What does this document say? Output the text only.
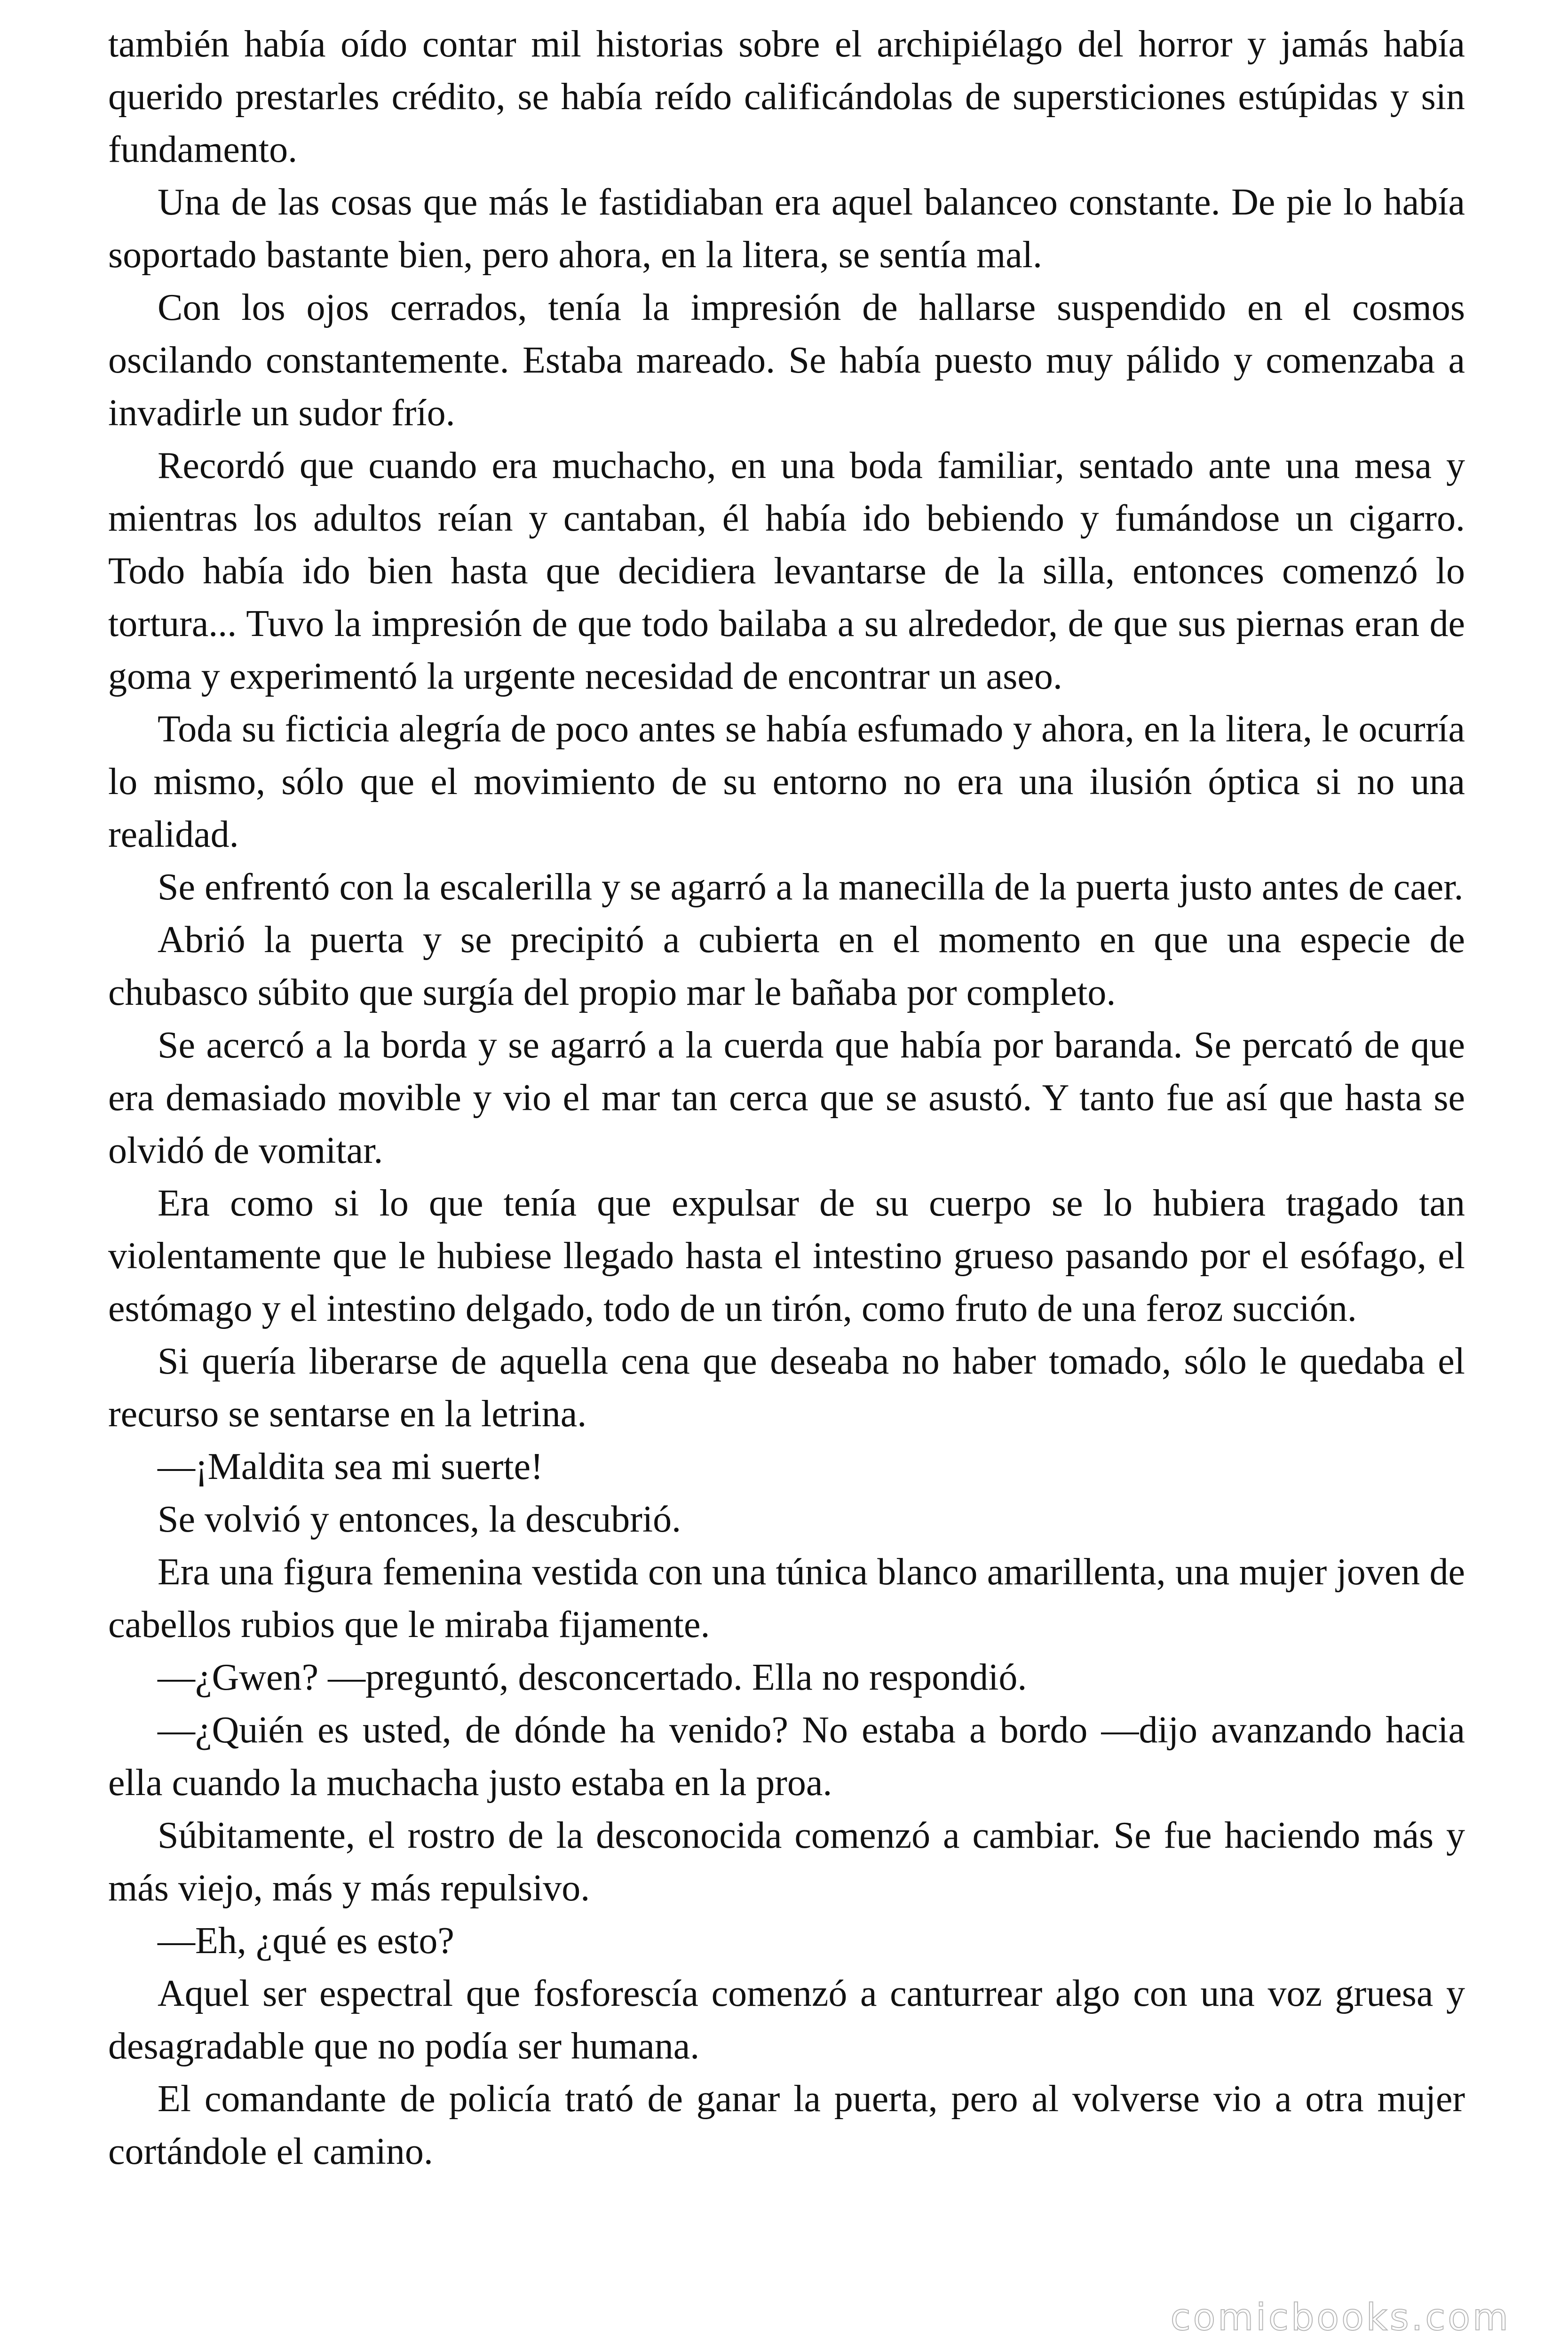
también había oído contar mil historias sobre el archipiélago del horror y jamás había querido prestarles crédito, se había reído calificándolas de supersticiones estúpidas y sin fundamento.

Una de las cosas que más le fastidiaban era aquel balanceo constante. De pie lo había soportado bastante bien, pero ahora, en la litera, se sentía mal.

Con los ojos cerrados, tenía la impresión de hallarse suspendido en el cosmos oscilando constantemente. Estaba mareado. Se había puesto muy pálido y comenzaba a invadirle un sudor frío.

Recordó que cuando era muchacho, en una boda familiar, sentado ante una mesa y mientras los adultos reían y cantaban, él había ido bebiendo y fumándose un cigarro. Todo había ido bien hasta que decidiera levantarse de la silla, entonces comenzó lo tortura... Tuvo la impresión de que todo bailaba a su alrededor, de que sus piernas eran de goma y experimentó la urgente necesidad de encontrar un aseo.

Toda su ficticia alegría de poco antes se había esfumado y ahora, en la litera, le ocurría lo mismo, sólo que el movimiento de su entorno no era una ilusión óptica si no una realidad.

Se enfrentó con la escalerilla y se agarró a la manecilla de la puerta justo antes de caer.

Abrió la puerta y se precipitó a cubierta en el momento en que una especie de chubasco súbito que surgía del propio mar le bañaba por completo.

Se acercó a la borda y se agarró a la cuerda que había por baranda. Se percató de que era demasiado movible y vio el mar tan cerca que se asustó. Y tanto fue así que hasta se olvidó de vomitar.

Era como si lo que tenía que expulsar de su cuerpo se lo hubiera tragado tan violentamente que le hubiese llegado hasta el intestino grueso pasando por el esófago, el estómago y el intestino delgado, todo de un tirón, como fruto de una feroz succión.

Si quería liberarse de aquella cena que deseaba no haber tomado, sólo le quedaba el recurso se sentarse en la letrina.

—¡Maldita sea mi suerte!

Se volvió y entonces, la descubrió.

Era una figura femenina vestida con una túnica blanco amarillenta, una mujer joven de cabellos rubios que le miraba fijamente.

—¿Gwen? —preguntó, desconcertado. Ella no respondió.

—¿Quién es usted, de dónde ha venido? No estaba a bordo —dijo avanzando hacia ella cuando la muchacha justo estaba en la proa.

Súbitamente, el rostro de la desconocida comenzó a cambiar. Se fue haciendo más y más viejo, más y más repulsivo.

—Eh, ¿qué es esto?

Aquel ser espectral que fosforescía comenzó a canturrear algo con una voz gruesa y desagradable que no podía ser humana.

El comandante de policía trató de ganar la puerta, pero al volverse vio a otra mujer cortándole el camino.

comicbooks.com
